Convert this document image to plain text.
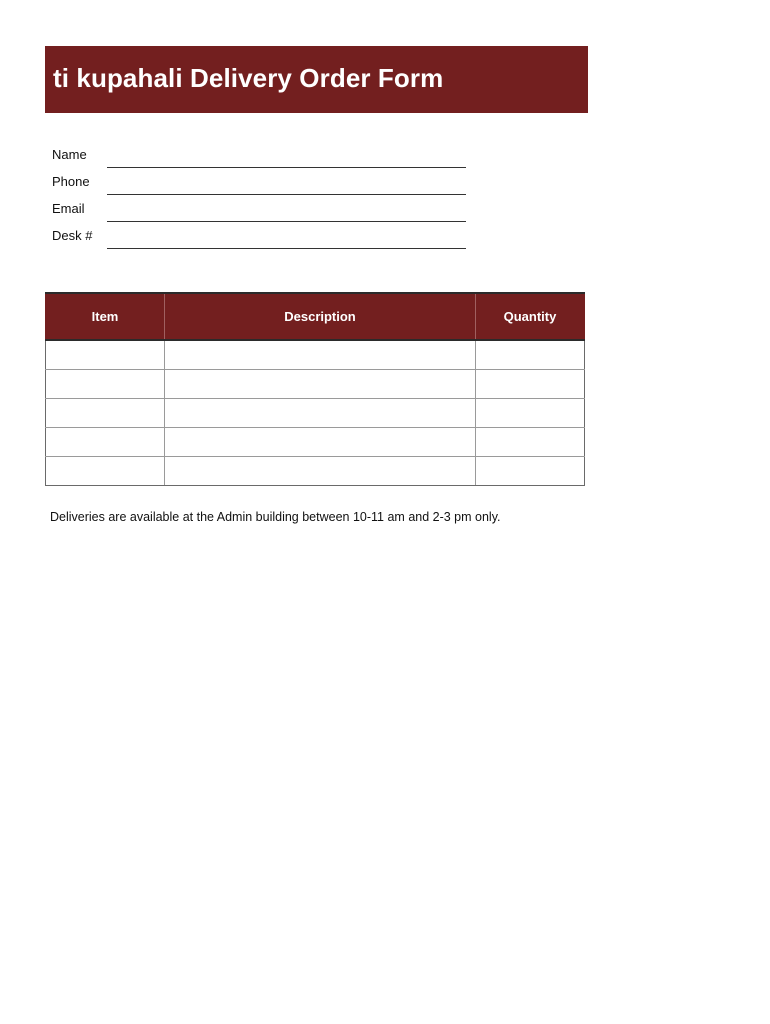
ti kupahali Delivery Order Form
Name
Phone
Email
Desk #
Item	Description	Quantity

Deliveries are available at the Admin building between 10-11 am and 2-3 pm only.
